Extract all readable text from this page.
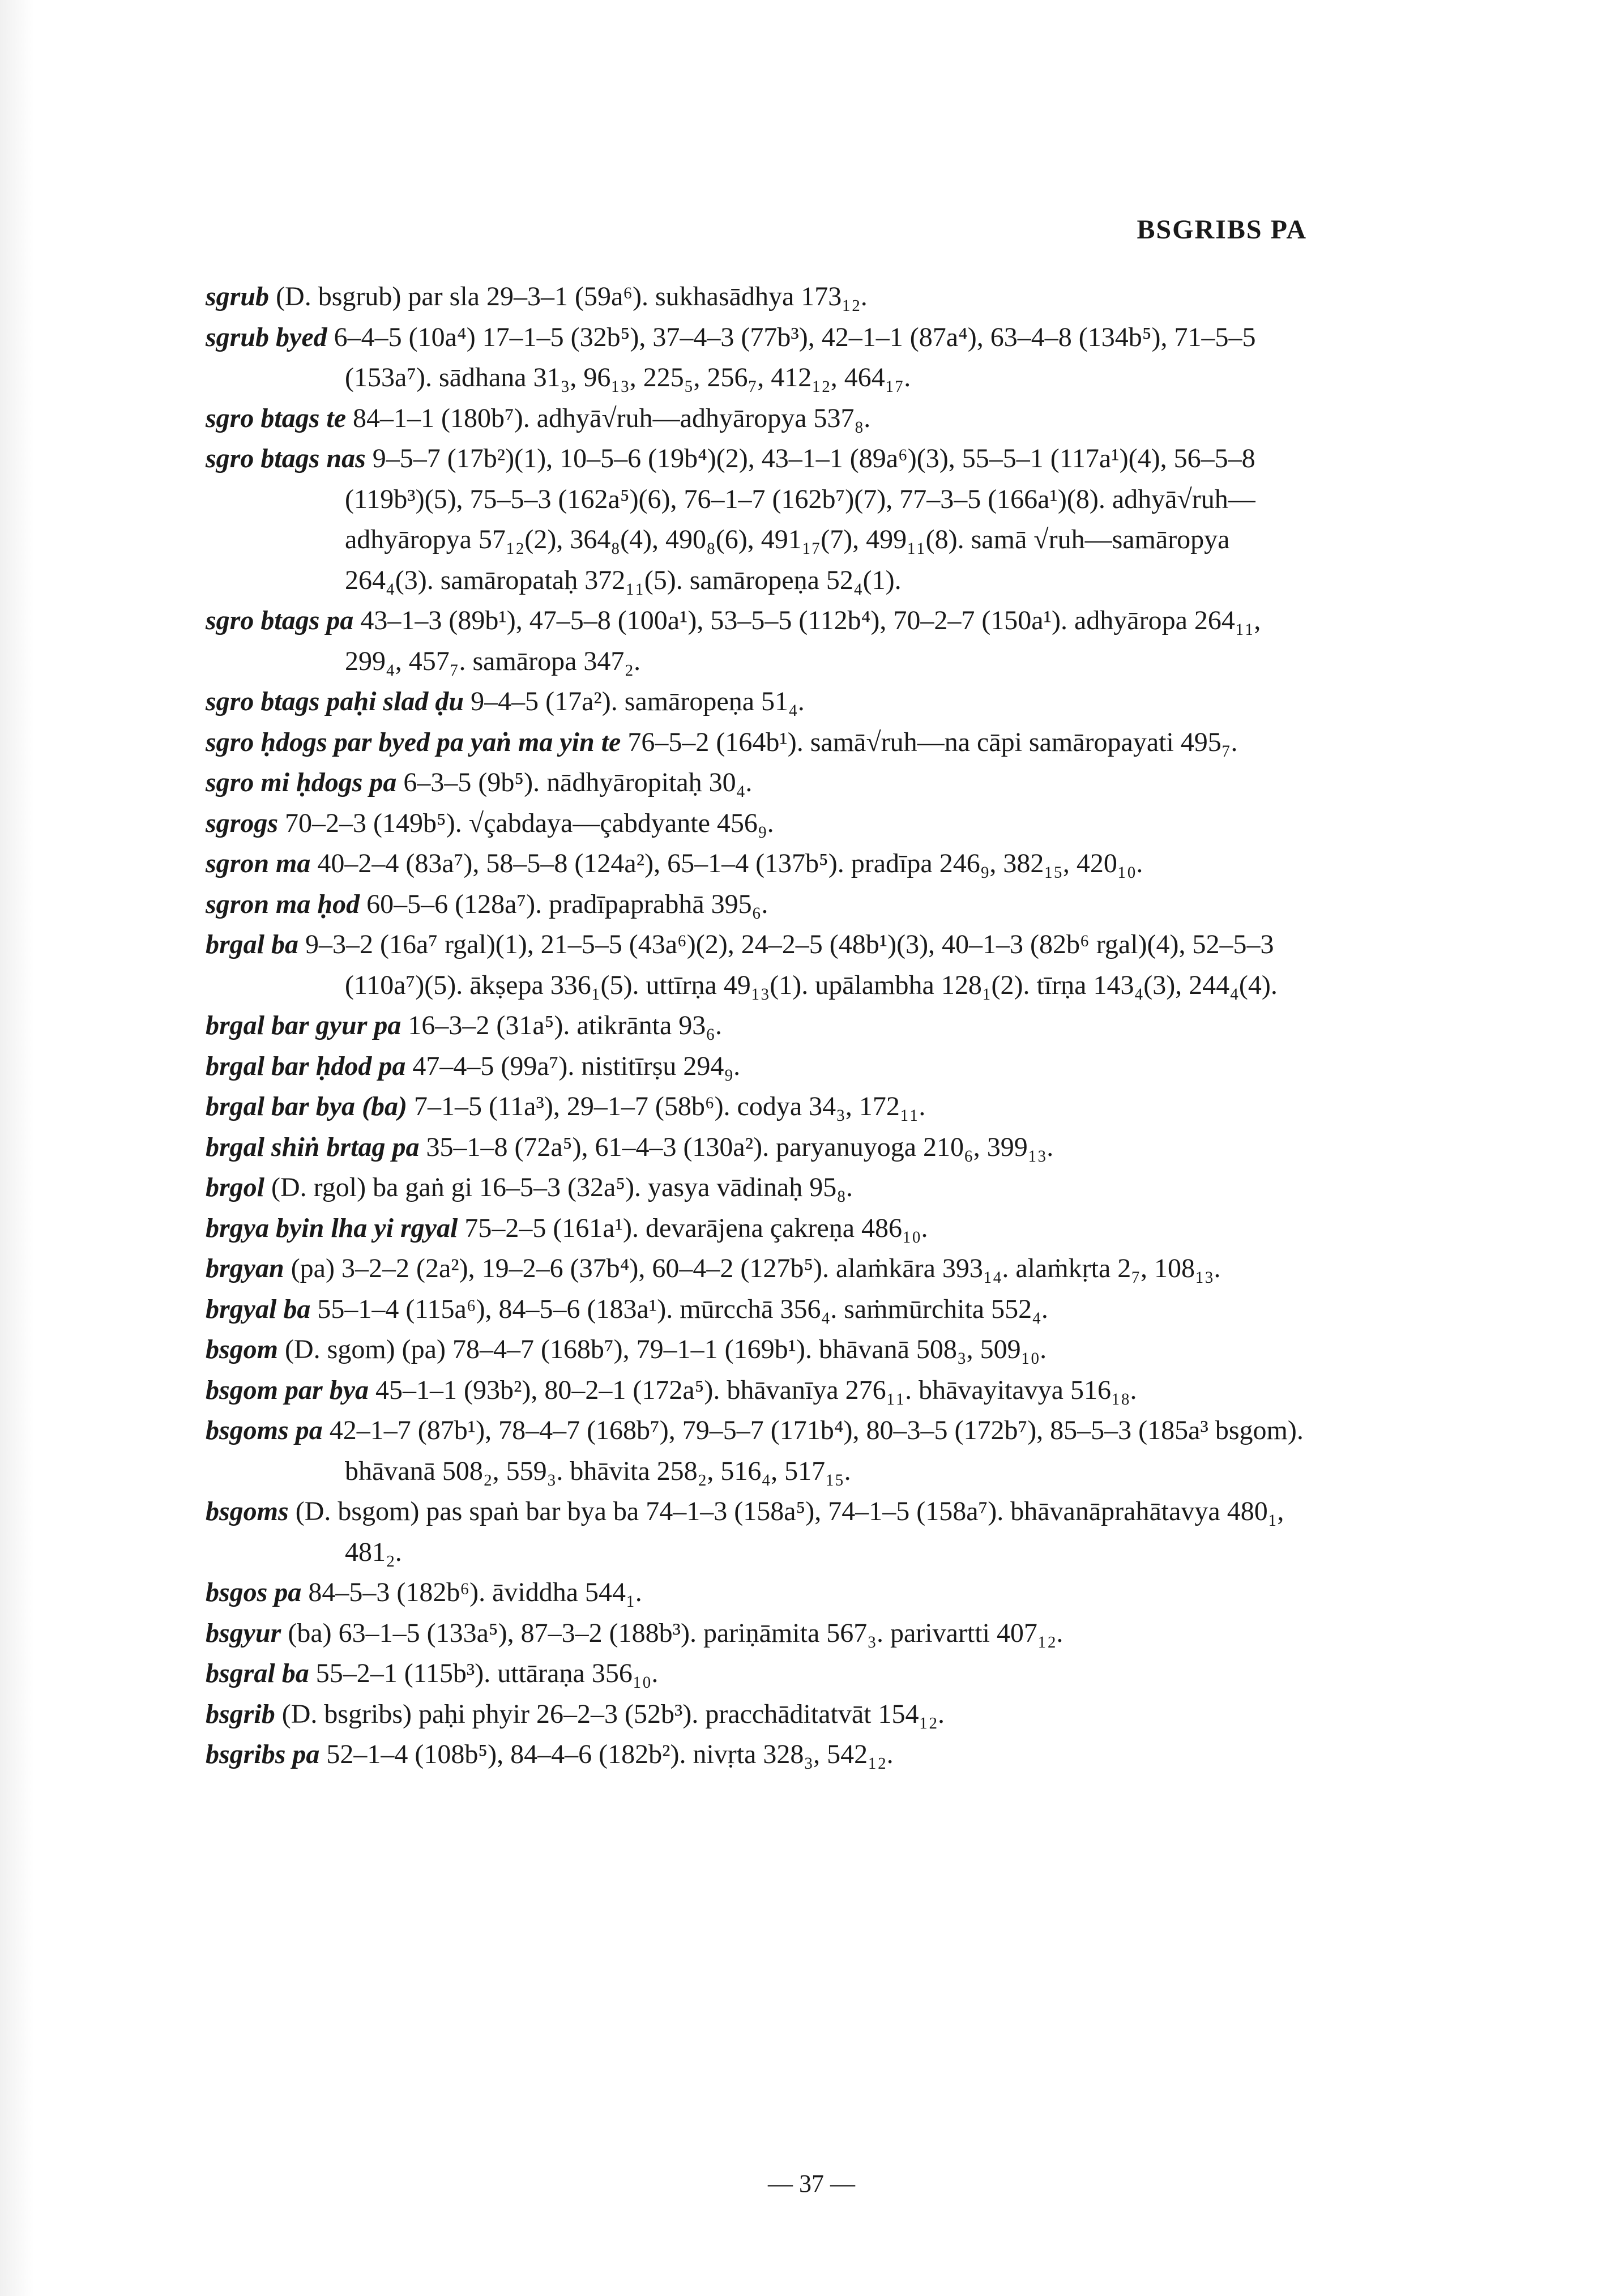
BSGRIBS PA
sgrub (D. bsgrub) par sla 29–3–1 (59a⁶). sukhasādhya 173₁₂.
sgrub byed 6–4–5 (10a⁴) 17–1–5 (32b⁵), 37–4–3 (77b³), 42–1–1 (87a⁴), 63–4–8 (134b⁵), 71–5–5 (153a⁷). sādhana 31₃, 96₁₃, 225₅, 256₇, 412₁₂, 464₁₇.
sgro btags te 84–1–1 (180b⁷). adhyā√ruh—adhyāropya 537₈.
sgro btags nas 9–5–7 (17b²)(1), 10–5–6 (19b⁴)(2), 43–1–1 (89a⁶)(3), 55–5–1 (117a¹)(4), 56–5–8 (119b³)(5), 75–5–3 (162a⁵)(6), 76–1–7 (162b⁷)(7), 77–3–5 (166a¹)(8). adhyā√ruh—adhyāropya 57₁₂(2), 364₈(4), 490₈(6), 491₁₇(7), 499₁₁(8). samā √ruh—samāropya 264₄(3). samāropataḥ 372₁₁(5). samāropeṇa 52₄(1).
sgro btags pa 43–1–3 (89b¹), 47–5–8 (100a¹), 53–5–5 (112b⁴), 70–2–7 (150a¹). adhyāropa 264₁₁, 299₄, 457₇. samāropa 347₂.
sgro btags paḥi slad ḍu 9–4–5 (17a²). samāropeṇa 51₄.
sgro ḥdogs par byed pa yaṅ ma yin te 76–5–2 (164b¹). samā√ruh—na cāpi samāropayati 495₇.
sgro mi ḥdogs pa 6–3–5 (9b⁵). nādhyāropitaḥ 30₄.
sgrogs 70–2–3 (149b⁵). √çabdaya—çabdyante 456₉.
sgron ma 40–2–4 (83a⁷), 58–5–8 (124a²), 65–1–4 (137b⁵). pradīpa 246₉, 382₁₅, 420₁₀.
sgron ma ḥod 60–5–6 (128a⁷). pradīpaprabhā 395₆.
brgal ba 9–3–2 (16a⁷ rgal)(1), 21–5–5 (43a⁶)(2), 24–2–5 (48b¹)(3), 40–1–3 (82b⁶ rgal)(4), 52–5–3 (110a⁷)(5). ākṣepa 336₁(5). uttīrṇa 49₁₃(1). upālambha 128₁(2). tīrṇa 143₄(3), 244₄(4).
brgal bar gyur pa 16–3–2 (31a⁵). atikrānta 93₆.
brgal bar ḥdod pa 47–4–5 (99a⁷). nistitīrṣu 294₉.
brgal bar bya (ba) 7–1–5 (11a³), 29–1–7 (58b⁶). codya 34₃, 172₁₁.
brgal shiṅ brtag pa 35–1–8 (72a⁵), 61–4–3 (130a²). paryanuyoga 210₆, 399₁₃.
brgol (D. rgol) ba gaṅ gi 16–5–3 (32a⁵). yasya vādinaḥ 95₈.
brgya byin lha yi rgyal 75–2–5 (161a¹). devarājena çakreṇa 486₁₀.
brgyan (pa) 3–2–2 (2a²), 19–2–6 (37b⁴), 60–4–2 (127b⁵). alaṁkāra 393₁₄. alaṁkṛta 2₇, 108₁₃.
brgyal ba 55–1–4 (115a⁶), 84–5–6 (183a¹). mūrcchā 356₄. saṁmūrchita 552₄.
bsgom (D. sgom) (pa) 78–4–7 (168b⁷), 79–1–1 (169b¹). bhāvanā 508₃, 509₁₀.
bsgom par bya 45–1–1 (93b²), 80–2–1 (172a⁵). bhāvanīya 276₁₁. bhāvayitavya 516₁₈.
bsgoms pa 42–1–7 (87b¹), 78–4–7 (168b⁷), 79–5–7 (171b⁴), 80–3–5 (172b⁷), 85–5–3 (185a³ bsgom). bhāvanā 508₂, 559₃. bhāvita 258₂, 516₄, 517₁₅.
bsgoms (D. bsgom) pas spaṅ bar bya ba 74–1–3 (158a⁵), 74–1–5 (158a⁷). bhāvanāprahātavya 480₁, 481₂.
bsgos pa 84–5–3 (182b⁶). āviddha 544₁.
bsgyur (ba) 63–1–5 (133a⁵), 87–3–2 (188b³). pariṇāmita 567₃. parivartti 407₁₂.
bsgral ba 55–2–1 (115b³). uttāraṇa 356₁₀.
bsgrib (D. bsgribs) paḥi phyir 26–2–3 (52b³). pracchāditatvāt 154₁₂.
bsgribs pa 52–1–4 (108b⁵), 84–4–6 (182b²). nivṛta 328₃, 542₁₂.
— 37 —
